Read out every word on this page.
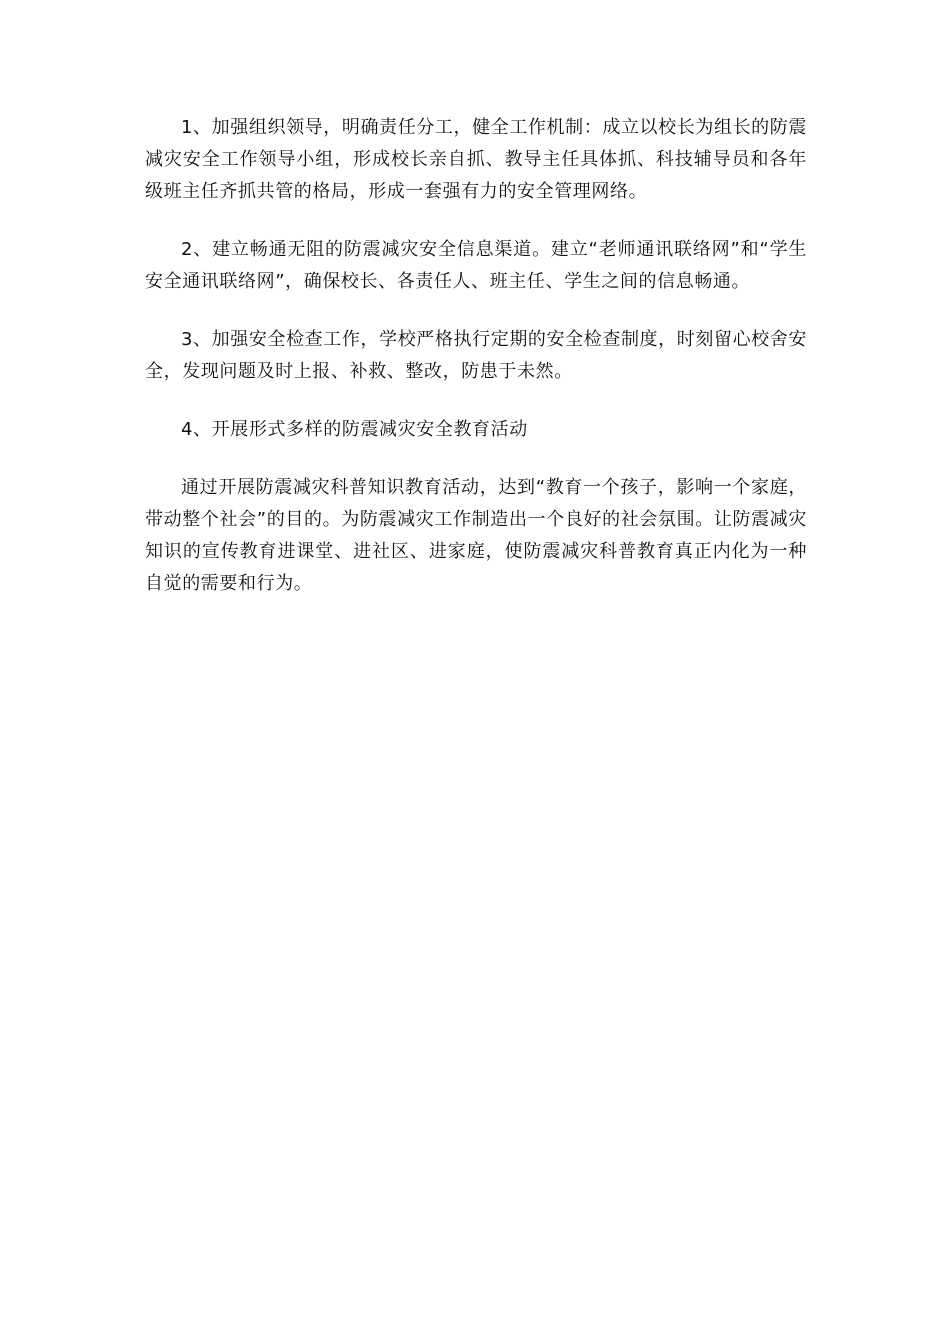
1、加强组织领导，明确责任分工，健全工作机制：成立以校长为组长的防震减灾安全工作领导小组，形成校长亲自抓、教导主任具体抓、科技辅导员和各年级班主任齐抓共管的格局，形成一套强有力的安全管理网络。

2、建立畅通无阻的防震减灾安全信息渠道。建立“老师通讯联络网”和“学生安全通讯联络网”，确保校长、各责任人、班主任、学生之间的信息畅通。

3、加强安全检查工作，学校严格执行定期的安全检查制度，时刻留心校舍安全，发现问题及时上报、补救、整改，防患于未然。

4、开展形式多样的防震减灾安全教育活动

通过开展防震减灾科普知识教育活动，达到“教育一个孩子，影响一个家庭，带动整个社会”的目的。为防震减灾工作制造出一个良好的社会氛围。让防震减灾知识的宣传教育进课堂、进社区、进家庭，使防震减灾科普教育真正内化为一种自觉的需要和行为。
